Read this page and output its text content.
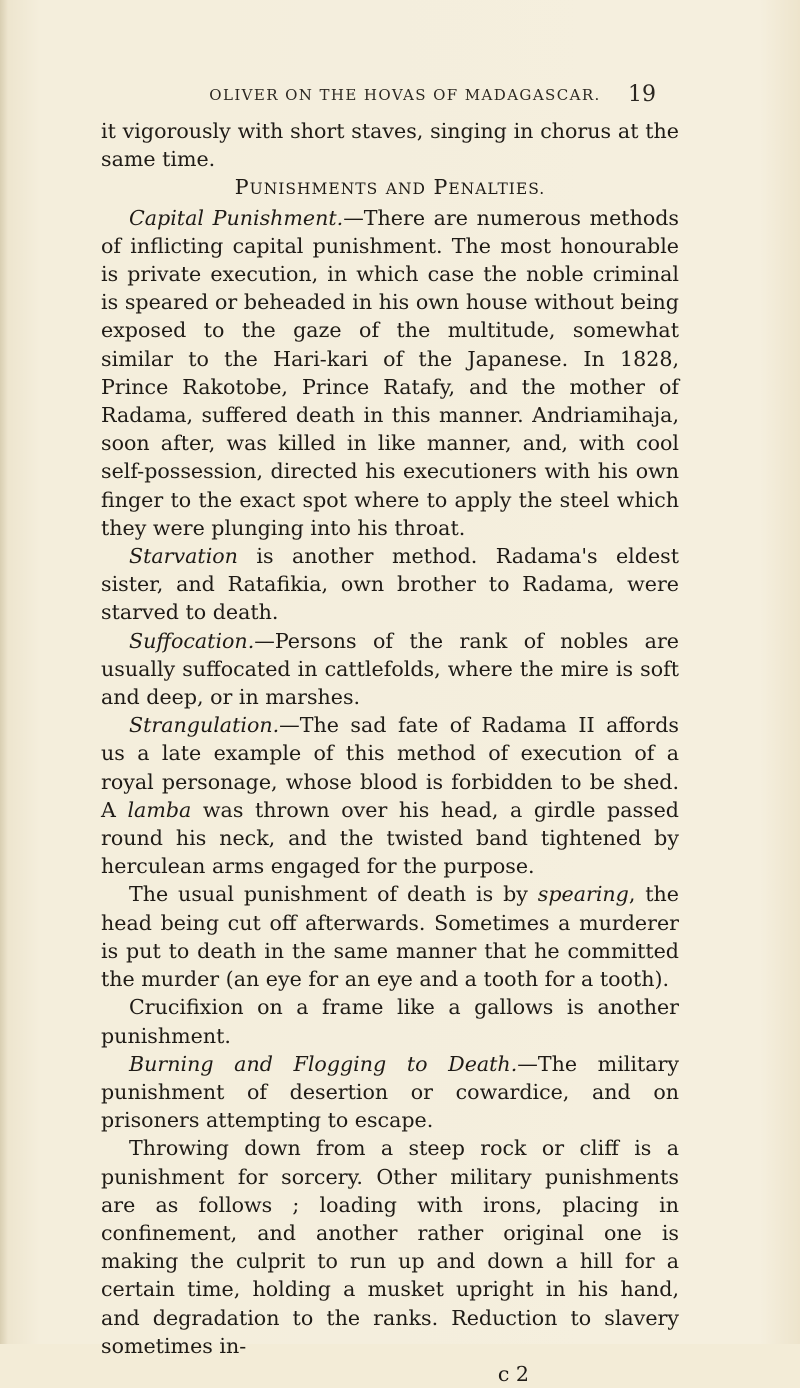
OLIVER ON THE HOVAS OF MADAGASCAR.	19

it vigorously with short staves, singing in chorus at the same time.

PUNISHMENTS AND PENALTIES.

Capital Punishment.—There are numerous methods of inflicting capital punishment. The most honourable is private execution, in which case the noble criminal is speared or beheaded in his own house without being exposed to the gaze of the multitude, somewhat similar to the Hari-kari of the Japanese. In 1828, Prince Rakotobe, Prince Ratafy, and the mother of Radama, suffered death in this manner. Andriamihaja, soon after, was killed in like manner, and, with cool self-possession, directed his executioners with his own finger to the exact spot where to apply the steel which they were plunging into his throat.

Starvation is another method. Radama's eldest sister, and Ratafikia, own brother to Radama, were starved to death.

Suffocation.—Persons of the rank of nobles are usually suffocated in cattlefolds, where the mire is soft and deep, or in marshes.

Strangulation.—The sad fate of Radama II affords us a late example of this method of execution of a royal personage, whose blood is forbidden to be shed. A lamba was thrown over his head, a girdle passed round his neck, and the twisted band tightened by herculean arms engaged for the purpose.

The usual punishment of death is by spearing, the head being cut off afterwards. Sometimes a murderer is put to death in the same manner that he committed the murder (an eye for an eye and a tooth for a tooth).

Crucifixion on a frame like a gallows is another punishment.

Burning and Flogging to Death.—The military punishment of desertion or cowardice, and on prisoners attempting to escape.

Throwing down from a steep rock or cliff is a punishment for sorcery. Other military punishments are as follows ; loading with irons, placing in confinement, and another rather original one is making the culprit to run up and down a hill for a certain time, holding a musket upright in his hand, and degradation to the ranks. Reduction to slavery sometimes in-

c 2
